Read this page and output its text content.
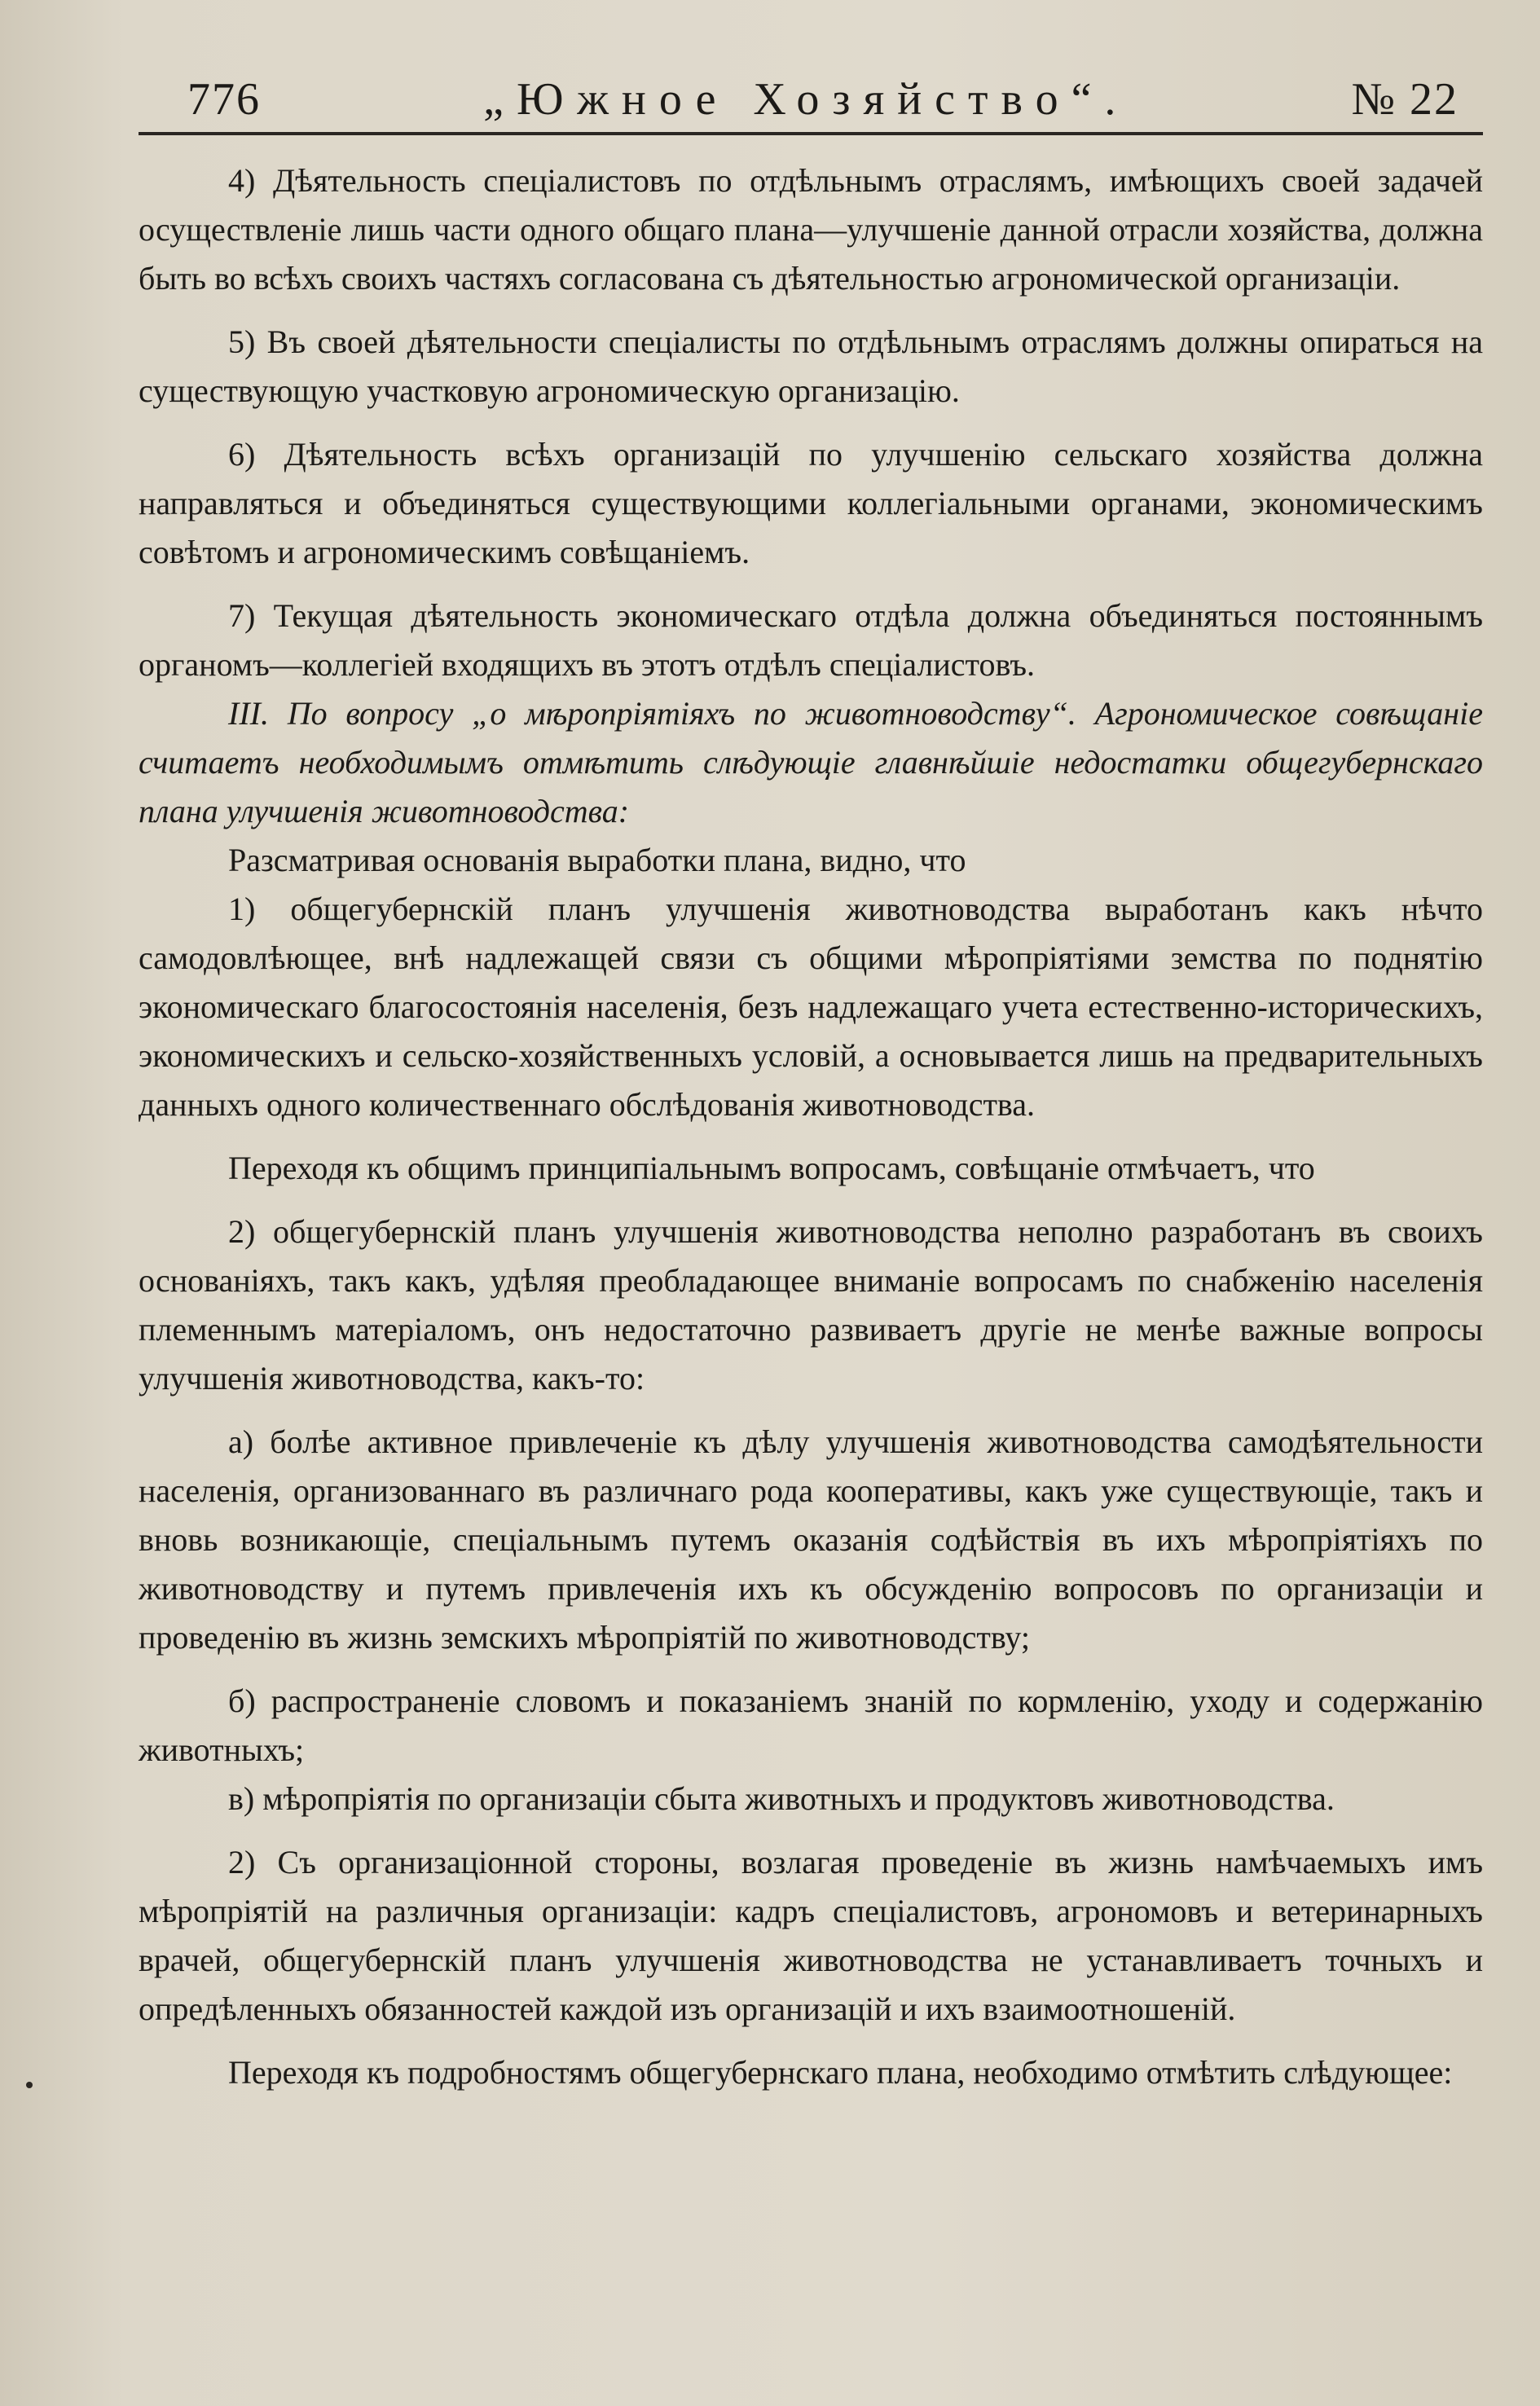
776	„Южное Хозяйство“.	№ 22

4) Дѣятельность спеціалистовъ по отдѣльнымъ отраслямъ, имѣющихъ своей задачей осуществленіе лишь части одного общаго плана—улучшеніе данной отрасли хозяйства, должна быть во всѣхъ своихъ частяхъ согласована съ дѣятельностью агрономической организаціи.

5) Въ своей дѣятельности спеціалисты по отдѣльнымъ отраслямъ должны опираться на существующую участковую агрономическую организацію.

6) Дѣятельность всѣхъ организацій по улучшенію сельскаго хозяйства должна направляться и объединяться существующими коллегіальными органами, экономическимъ совѣтомъ и агрономическимъ совѣщаніемъ.

7) Текущая дѣятельность экономическаго отдѣла должна объединяться постояннымъ органомъ—коллегіей входящихъ въ этотъ отдѣлъ спеціалистовъ.

III. По вопросу „о мѣропріятіяхъ по животноводству“. Агрономическое совѣщаніе считаетъ необходимымъ отмѣтить слѣдующіе главнѣйшіе недостатки общегубернскаго плана улучшенія животноводства:

Разсматривая основанія выработки плана, видно, что

1) общегубернскій планъ улучшенія животноводства выработанъ какъ нѣчто самодовлѣющее, внѣ надлежащей связи съ общими мѣропріятіями земства по поднятію экономическаго благосостоянія населенія, безъ надлежащаго учета естественно-историческихъ, экономическихъ и сельско-хозяйственныхъ условій, а основывается лишь на предварительныхъ данныхъ одного количественнаго обслѣдованія животноводства.

Переходя къ общимъ принципіальнымъ вопросамъ, совѣщаніе отмѣчаетъ, что

2) общегубернскій планъ улучшенія животноводства неполно разработанъ въ своихъ основаніяхъ, такъ какъ, удѣляя преобладающее вниманіе вопросамъ по снабженію населенія племеннымъ матеріаломъ, онъ недостаточно развиваетъ другіе не менѣе важные вопросы улучшенія животноводства, какъ-то:

а) болѣе активное привлеченіе къ дѣлу улучшенія животноводства самодѣятельности населенія, организованнаго въ различнаго рода кооперативы, какъ уже существующіе, такъ и вновь возникающіе, спеціальнымъ путемъ оказанія содѣйствія въ ихъ мѣропріятіяхъ по животноводству и путемъ привлеченія ихъ къ обсужденію вопросовъ по организаціи и проведенію въ жизнь земскихъ мѣропріятій по животноводству;

б) распространеніе словомъ и показаніемъ знаній по кормленію, уходу и содержанію животныхъ;

в) мѣропріятія по организаціи сбыта животныхъ и продуктовъ животноводства.

2) Съ организаціонной стороны, возлагая проведеніе въ жизнь намѣчаемыхъ имъ мѣропріятій на различныя организаціи: кадръ спеціалистовъ, агрономовъ и ветеринарныхъ врачей, общегубернскій планъ улучшенія животноводства не устанавливаетъ точныхъ и опредѣленныхъ обязанностей каждой изъ организацій и ихъ взаимоотношеній.

Переходя къ подробностямъ общегубернскаго плана, необходимо отмѣтить слѣдующее:
